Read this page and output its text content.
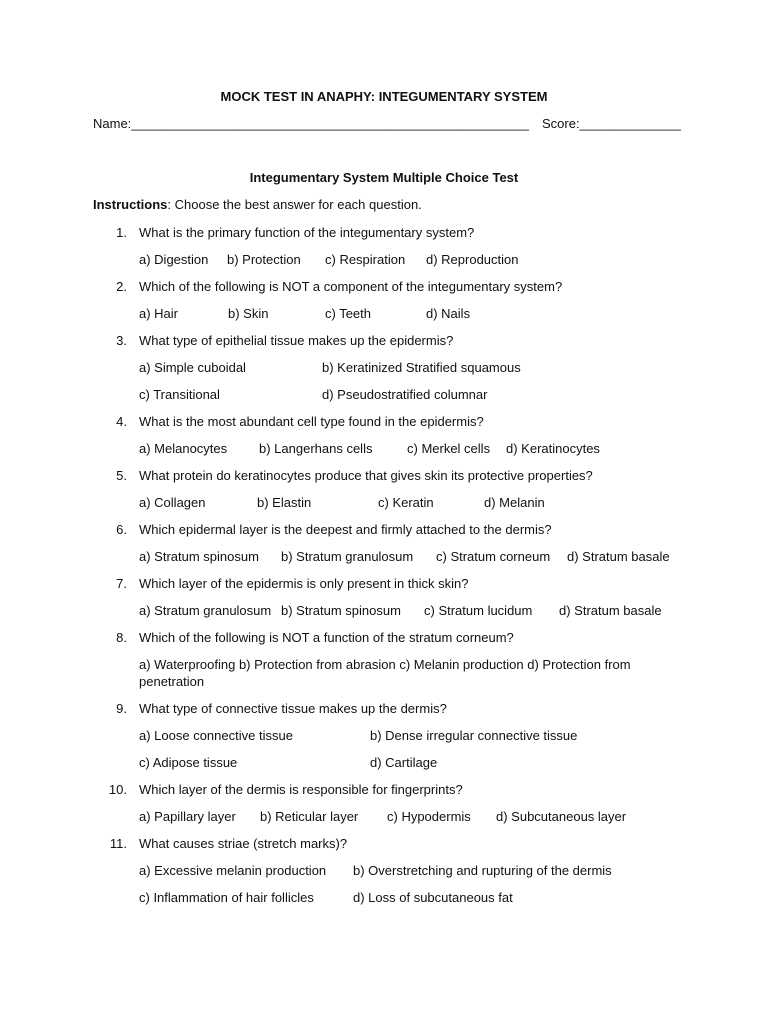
MOCK TEST IN ANAPHY: INTEGUMENTARY SYSTEM
Name:_______________________________________________________ Score:______________
Integumentary System Multiple Choice Test
Instructions: Choose the best answer for each question.
1. What is the primary function of the integumentary system?
a) Digestion b) Protection c) Respiration d) Reproduction
2. Which of the following is NOT a component of the integumentary system?
a) Hair	b) Skin	c) Teeth	d) Nails
3. What type of epithelial tissue makes up the epidermis?
a) Simple cuboidal	b) Keratinized Stratified squamous
c) Transitional	d) Pseudostratified columnar
4. What is the most abundant cell type found in the epidermis?
a) Melanocytes b) Langerhans cells	c) Merkel cells d) Keratinocytes
5. What protein do keratinocytes produce that gives skin its protective properties?
a) Collagen	b) Elastin	c) Keratin	d) Melanin
6. Which epidermal layer is the deepest and firmly attached to the dermis?
a) Stratum spinosum b) Stratum granulosum c) Stratum corneum d) Stratum basale
7. Which layer of the epidermis is only present in thick skin?
a) Stratum granulosum b) Stratum spinosum c) Stratum lucidum d) Stratum basale
8. Which of the following is NOT a function of the stratum corneum?
a) Waterproofing b) Protection from abrasion c) Melanin production d) Protection from penetration
9. What type of connective tissue makes up the dermis?
a) Loose connective tissue	b) Dense irregular connective tissue
c) Adipose tissue	d) Cartilage
10. Which layer of the dermis is responsible for fingerprints?
a) Papillary layer b) Reticular layer c) Hypodermis d) Subcutaneous layer
11. What causes striae (stretch marks)?
a) Excessive melanin production b) Overstretching and rupturing of the dermis
c) Inflammation of hair follicles	d) Loss of subcutaneous fat
